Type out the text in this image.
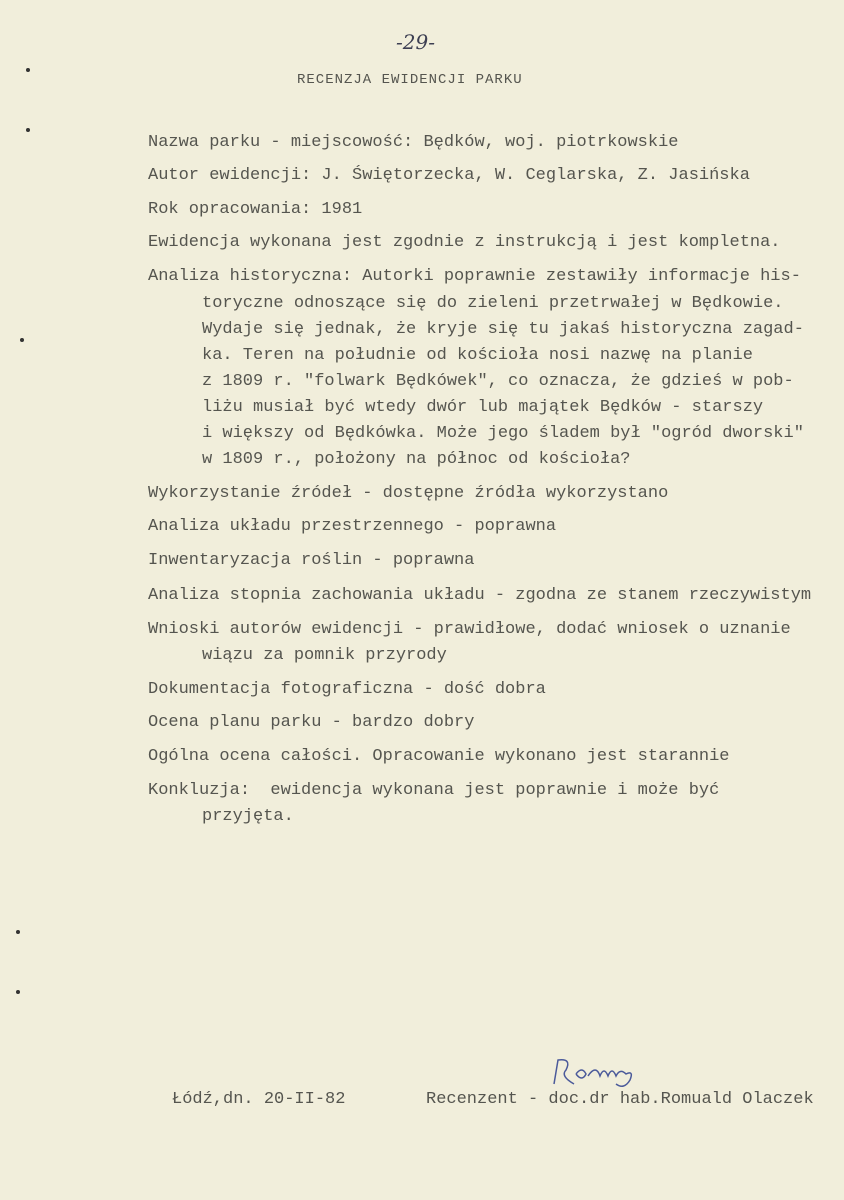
-29-
RECENZJA EWIDENCJI PARKU
Nazwa parku - miejscowość: Będków, woj. piotrkowskie
Autor ewidencji: J. Świętorzecka, W. Ceglarska, Z. Jasińska
Rok opracowania: 1981
Ewidencja wykonana jest zgodnie z instrukcją i jest kompletna.
Analiza historyczna: Autorki poprawnie zestawiły informacje his-
toryczne odnoszące się do zieleni przetrwałej w Będkowie.
Wydaje się jednak, że kryje się tu jakaś historyczna zagad-
ka. Teren na południe od kościoła nosi nazwę na planie
z 1809 r. "folwark Będkówek", co oznacza, że gdzieś w pob-
liżu musiał być wtedy dwór lub majątek Będków - starszy
i większy od Będkówka. Może jego śladem był "ogród dworski"
w 1809 r., położony na północ od kościoła?
Wykorzystanie źródeł - dostępne źródła wykorzystano
Analiza układu przestrzennego - poprawna
Inwentaryzacja roślin - poprawna
Analiza stopnia zachowania układu - zgodna ze stanem rzeczywistym
Wnioski autorów ewidencji - prawidłowe, dodać wniosek o uznanie
wiązu za pomnik przyrody
Dokumentacja fotograficzna - dość dobra
Ocena planu parku - bardzo dobry
Ogólna ocena całości. Opracowanie wykonano jest starannie
Konkluzja:  ewidencja wykonana jest poprawnie i może być
przyjęta.
Łódź,dn. 20-II-82	Recenzent - doc.dr hab.Romuald Olaczek
